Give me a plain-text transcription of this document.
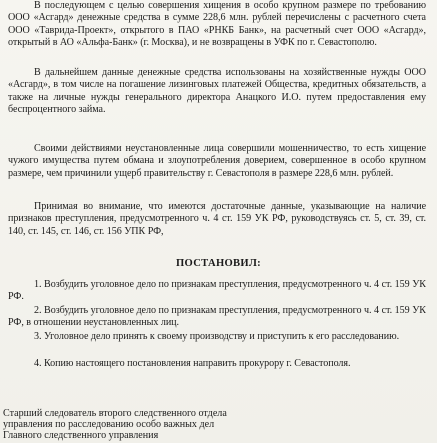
В последующем с целью совершения хищения в особо крупном размере по требованию ООО «Асгард» денежные средства в сумме 228,6 млн. рублей перечислены с расчетного счета ООО «Таврида-Проект», открытого в ПАО «РНКБ Банк», на расчетный счет ООО «Асгард», открытый в АО «Альфа-Банк» (г. Москва), и не возвращены в УФК по г. Севастополю.

В дальнейшем данные денежные средства использованы на хозяйственные нужды ООО «Асгард», в том числе на погашение лизинговых платежей Общества, кредитных обязательств, а также на личные нужды генерального директора Анацкого И.О. путем предоставления ему беспроцентного займа.

Своими действиями неустановленные лица совершили мошенничество, то есть хищение чужого имущества путем обмана и злоупотребления доверием, совершенное в особо крупном размере, чем причинили ущерб правительству г. Севастополя в размере 228,6 млн. рублей.

Принимая во внимание, что имеются достаточные данные, указывающие на наличие признаков преступления, предусмотренного ч. 4 ст. 159 УК РФ, руководствуясь ст. 5, ст. 39, ст. 140, ст. 145, ст. 146, ст. 156 УПК РФ,

ПОСТАНОВИЛ:

1. Возбудить уголовное дело по признакам преступления, предусмотренного ч. 4 ст. 159 УК РФ.

2. Возбудить уголовное дело по признакам преступления, предусмотренного ч. 4 ст. 159 УК РФ, в отношении неустановленных лиц.

3. Уголовное дело принять к своему производству и приступить к его расследованию.

4. Копию настоящего постановления направить прокурору г. Севастополя.

Старший следователь второго следственного отдела
управления по расследованию особо важных дел
Главного следственного управления
